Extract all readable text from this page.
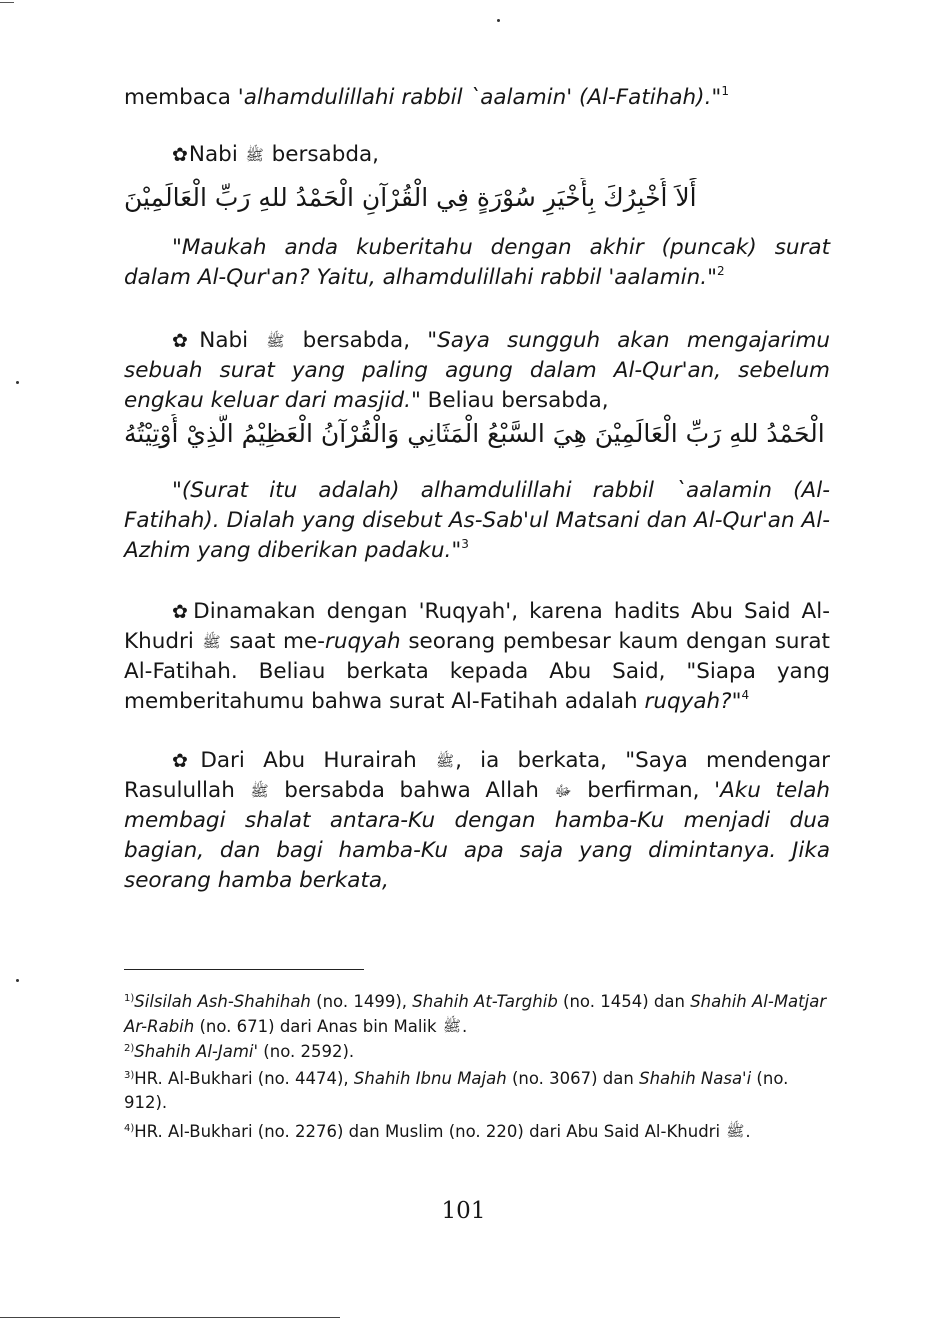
membaca 'alhamdulillahi rabbil `aalamin' (Al-Fatihah)."$^1$

✿Nabi ﷺ bersabda,

أَلاَ أُخْبِرُكَ بِأَخْيَرِ سُوْرَةٍ فِي الْقُرْآنِ الْحَمْدُ للهِ رَبِّ الْعَالَمِيْنَ

"Maukah anda kuberitahu dengan akhir (puncak) surat dalam Al-Qur'an? Yaitu, alhamdulillahi rabbil 'aalamin."$^2$

✿Nabi ﷺ bersabda, "Saya sungguh akan mengajarimu sebuah surat yang paling agung dalam Al-Qur'an, sebelum engkau keluar dari masjid." Beliau bersabda,

الْحَمْدُ للهِ رَبِّ الْعَالَمِيْنَ هِيَ السَّبْعُ الْمَثَانِي وَالْقُرْآنُ الْعَظِيْمُ الَّذِيْ أُوْتِيْتُهُ

"(Surat itu adalah) alhamdulillahi rabbil `aalamin (Al-Fatihah). Dialah yang disebut As-Sab'ul Matsani dan Al-Qur'an Al-Azhim yang diberikan padaku."$^3$

✿Dinamakan dengan 'Ruqyah', karena hadits Abu Said Al-Khudri ﷺ saat me-ruqyah seorang pembesar kaum dengan surat Al-Fatihah. Beliau berkata kepada Abu Said, "Siapa yang memberitahumu bahwa surat Al-Fatihah adalah ruqyah?"$^4$

✿Dari Abu Hurairah ﷺ, ia berkata, "Saya mendengar Rasulullah ﷺ bersabda bahwa Allah ﷻ berfirman, 'Aku telah membagi shalat antara-Ku dengan hamba-Ku menjadi dua bagian, dan bagi hamba-Ku apa saja yang dimintanya. Jika seorang hamba berkata,

$^{1)}$Silsilah Ash-Shahihah (no. 1499), Shahih At-Targhib (no. 1454) dan Shahih Al-Matjar Ar-Rabih (no. 671) dari Anas bin Malik ﷺ.

$^{2)}$Shahih Al-Jami' (no. 2592).

$^{3)}$HR. Al-Bukhari (no. 4474), Shahih Ibnu Majah (no. 3067) dan Shahih Nasa'i (no. 912).

$^{4)}$HR. Al-Bukhari (no. 2276) dan Muslim (no. 220) dari Abu Said Al-Khudri ﷺ.

101
